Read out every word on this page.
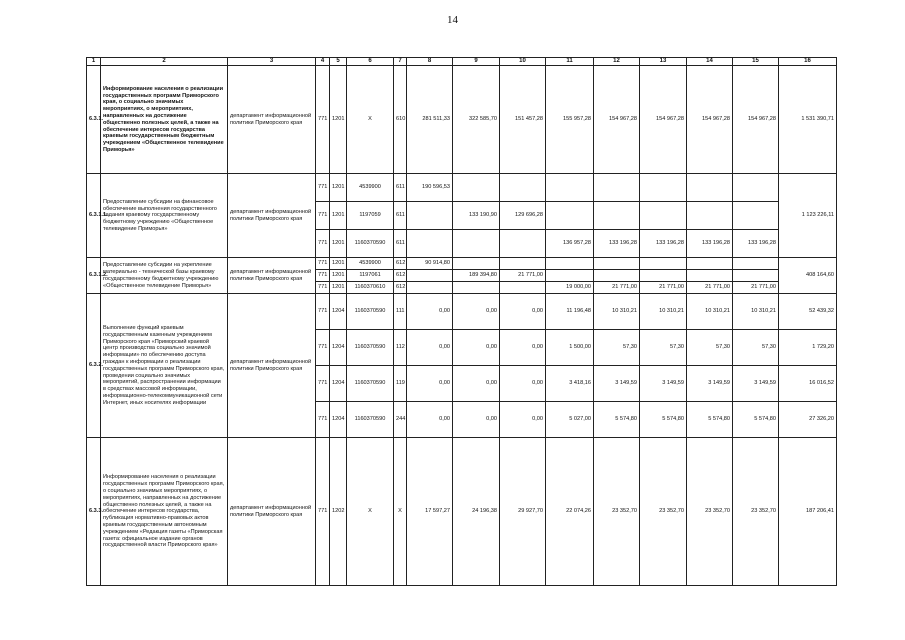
14
1	2	3	4	5	6	7	8	9	10	11	12	13	14	15	16
6.3.1.	Информирование населения о реализации государственных программ Приморского края, о социально значимых мероприятиях, о мероприятиях, направленных на достижение общественно полезных целей, а также на обеспечение интересов государства краевым государственным бюджетным учреждением «Общественное телевидение Приморья»	департамент информационной политики Приморского края	771	1201	Х	610	281 511,33	322 585,70	151 457,28	155 957,28	154 967,28	154 967,28	154 967,28	154 967,28	1 531 390,71
6.3.1.1.	Предоставление субсидии на финансовое обеспечение выполнения государственного задания краевому государственному бюджетному учреждению «Общественное телевидение Приморья»	департамент информационной политики Приморского края	771	1201	4539900	611	190 596,53								1 123 226,11
			771	1201	1197059	611		133 190,90	129 696,28						
			771	1201	1160370590	611				136 957,28	133 196,28	133 196,28	133 196,28	133 196,28	
6.3.1.2.	Предоставление субсидии на укрепление материально - технической базы краевому государственному бюджетному учреждению «Общественное телевидение Приморья»	департамент информационной политики Приморского края	771	1201	4539900	612	90 914,80								408 164,60
			771	1201	1197061	612		189 394,80	21 771,00						
			771	1201	1160370610	612				19 000,00	21 771,00	21 771,00	21 771,00	21 771,00	
6.3.2.	Выполнение функций краевым государственным казенным учреждением Приморского края «Приморский краевой центр производства социально значимой информации» по обеспечению доступа граждан к информации о реализации государственных программ Приморского края, проведении социально значимых мероприятий, распространении информации в средствах массовой информации, информационно-телекоммуникационной сети Интернет, иных носителях информации	департамент информационной политики Приморского края	771	1204	1160370590	111	0,00	0,00	0,00	11 196,48	10 310,21	10 310,21	10 310,21	10 310,21	52 439,32
			771	1204	1160370590	112	0,00	0,00	0,00	1 500,00	57,30	57,30	57,30	57,30	1 729,20
			771	1204	1160370590	119	0,00	0,00	0,00	3 418,16	3 149,59	3 149,59	3 149,59	3 149,59	16 016,52
			771	1204	1160370590	244	0,00	0,00	0,00	5 027,00	5 574,80	5 574,80	5 574,80	5 574,80	27 326,20
6.3.3.	Информирование населения о реализации государственных программ Приморского края, о социально значимых мероприятиях, о мероприятиях, направленных на достижение общественно полезных целей, а также на обеспечение интересов государства, публикация нормативно-правовых актов краевым государственным автономным учреждением «Редакция газеты «Приморская газета: официальное издание органов государственной власти Приморского края»	департамент информационной политики Приморского края	771	1202	Х	Х	17 597,27	24 196,38	29 927,70	22 074,26	23 352,70	23 352,70	23 352,70	23 352,70	187 206,41
